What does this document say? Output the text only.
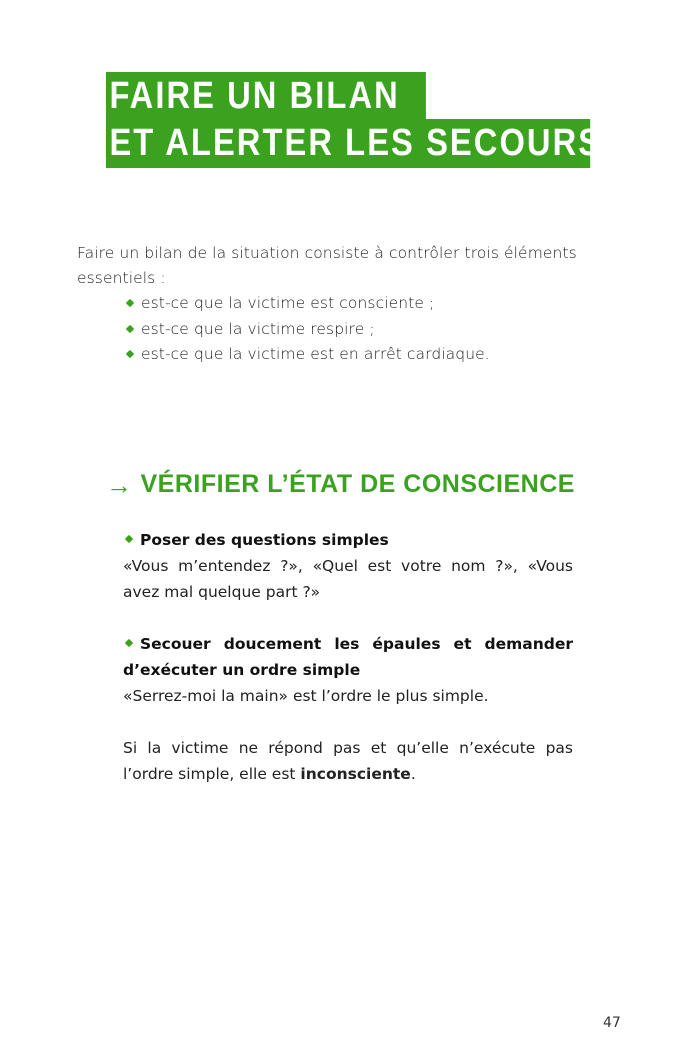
FAIRE UN BILAN
ET ALERTER LES SECOURS

Faire un bilan de la situation consiste à contrôler trois éléments essentiels :

est-ce que la victime est consciente ;
est-ce que la victime respire ;
est-ce que la victime est en arrêt cardiaque.
→ VÉRIFIER L’ÉTAT DE CONSCIENCE

Poser des questions simples

«Vous m’entendez ?», «Quel est votre nom ?», «Vous avez mal quelque part ?»

Secouer doucement les épaules et demander

d’exécuter un ordre simple

«Serrez-moi la main» est l’ordre le plus simple.

Si la victime ne répond pas et qu’elle n’exécute pas l’ordre simple, elle est inconsciente.

47
